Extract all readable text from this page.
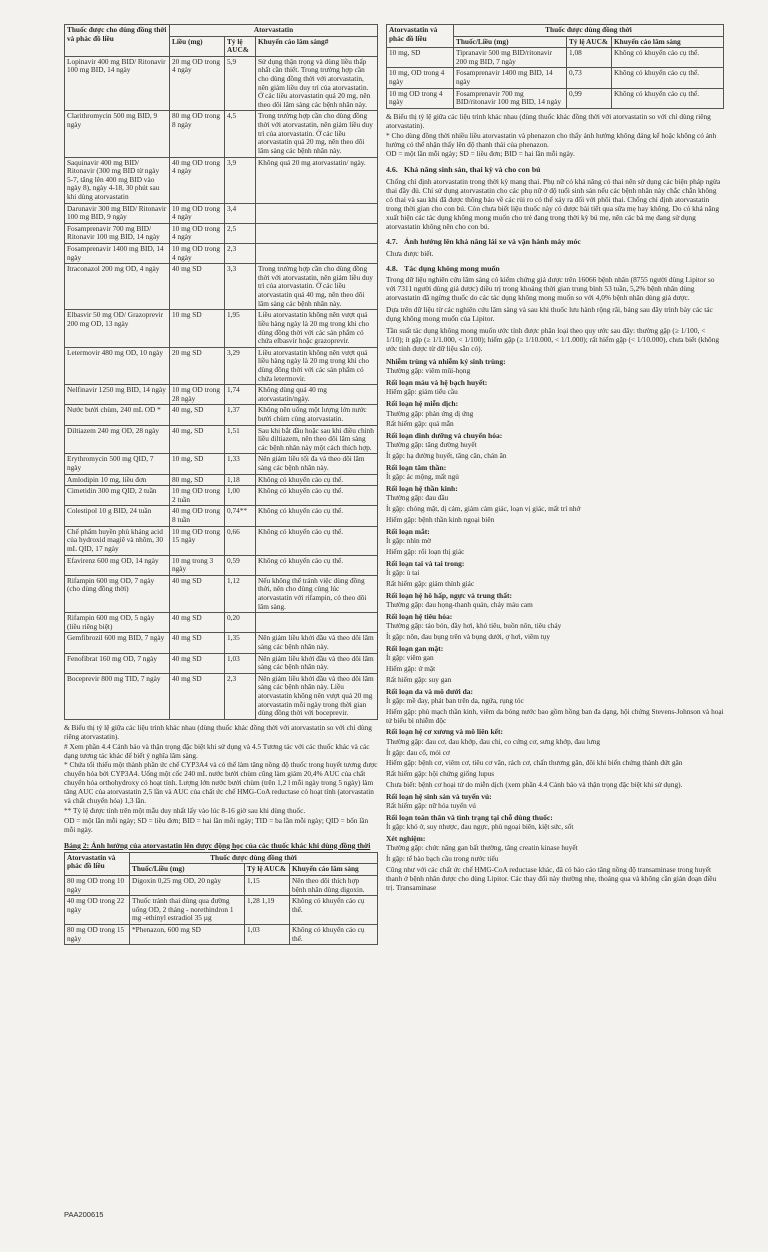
Thuốc được cho dùng đồng thời và phác đồ liều	Atorvastatin		
	Liều (mg)	Tỷ lệ AUC&	Khuyến cáo lâm sàng#
Lopinavir 400 mg BID/ Ritonavir 100 mg BID, 14 ngày	20 mg OD trong 4 ngày	5,9	Sử dụng thận trọng và dùng liều thấp nhất cần thiết. Trong trường hợp cần cho dùng đồng thời với atorvastatin, nên giảm liều duy trì của atorvastatin. Ở các liều atorvastatin quá 20 mg, nên theo dõi lâm sàng các bệnh nhân này.
Clarithromycin 500 mg BID, 9 ngày	80 mg OD trong 8 ngày	4,5	Trong trường hợp cần cho dùng đồng thời với atorvastatin, nên giảm liều duy trì của atorvastatin. Ở các liều atorvastatin quá 20 mg, nên theo dõi lâm sàng các bệnh nhân này.
Saquinavir 400 mg BID/ Ritonavir (300 mg BID từ ngày 5-7, tăng lên 400 mg BID vào ngày 8), ngày 4-18, 30 phút sau khi dùng atorvastatin	40 mg OD trong 4 ngày	3,9	Không quá 20 mg atorvastatin/ ngày.
Darunavir 300 mg BID/ Ritonavir 100 mg BID, 9 ngày	10 mg OD trong 4 ngày	3,4	
Fosamprenavir 700 mg BID/ Ritonavir 100 mg BID, 14 ngày	10 mg OD trong 4 ngày	2,5	
Fosamprenavir 1400 mg BID, 14 ngày	10 mg OD trong 4 ngày	2,3	
Itraconazol 200 mg OD, 4 ngày	40 mg SD	3,3	Trong trường hợp cần cho dùng đồng thời với atorvastatin, nên giảm liều duy trì của atorvastatin. Ở các liều atorvastatin quá 40 mg, nên theo dõi lâm sàng các bệnh nhân này.
Elbasvir 50 mg OD/ Grazoprevir 200 mg OD, 13 ngày	10 mg SD	1,95	Liều atorvastatin không nên vượt quá liều hàng ngày là 20 mg trong khi cho dùng đồng thời với các sản phẩm có chứa elbasvir hoặc grazoprevir.
Letermovir 480 mg OD, 10 ngày	20 mg SD	3,29	Liều atorvastatin không nên vượt quá liều hàng ngày là 20 mg trong khi cho dùng đồng thời với các sản phẩm có chứa letermovir.
Nelfinavir 1250 mg BID, 14 ngày	10 mg OD trong 28 ngày	1,74	Không dùng quá 40 mg atorvastatin/ngày.
Nước bưởi chùm, 240 mL OD *	40 mg, SD	1,37	Không nên uống một lượng lớn nước bưởi chùm cùng atorvastatin.
Diltiazem 240 mg OD, 28 ngày	40 mg, SD	1,51	Sau khi bắt đầu hoặc sau khi điều chỉnh liều diltiazem, nên theo dõi lâm sàng các bệnh nhân này một cách thích hợp.
Erythromycin 500 mg QID, 7 ngày	10 mg, SD	1,33	Nên giảm liều tối đa và theo dõi lâm sàng các bệnh nhân này.
Amlodipin 10 mg, liều đơn	80 mg, SD	1,18	Không có khuyến cáo cụ thể.
Cimetidin 300 mg QID, 2 tuần	10 mg OD trong 2 tuần	1,00	Không có khuyến cáo cụ thể.
Colestipol 10 g BID, 24 tuần	40 mg OD trong 8 tuần	0,74**	Không có khuyến cáo cụ thể.
Chế phẩm huyền phù kháng acid của hydroxid magiê và nhôm, 30 mL QID, 17 ngày	10 mg OD trong 15 ngày	0,66	Không có khuyến cáo cụ thể.
Efavirenz 600 mg OD, 14 ngày	10 mg trong 3 ngày	0,59	Không có khuyến cáo cụ thể.
Rifampin 600 mg OD, 7 ngày (cho dùng đồng thời)	40 mg SD	1,12	Nếu không thể tránh việc dùng đồng thời, nên cho dùng cùng lúc atorvastatin với rifampin, có theo dõi lâm sàng.
Rifampin 600 mg OD, 5 ngày (liều riêng biệt)	40 mg SD	0,20	
Gemfibrozil 600 mg BID, 7 ngày	40 mg SD	1,35	Nên giảm liều khởi đầu và theo dõi lâm sàng các bệnh nhân này.
Fenofibrat 160 mg OD, 7 ngày	40 mg SD	1,03	Nên giảm liều khởi đầu và theo dõi lâm sàng các bệnh nhân này.
Boceprevir 800 mg TID, 7 ngày	40 mg SD	2,3	Nên giảm liều khởi đầu và theo dõi lâm sàng các bệnh nhân này. Liều atorvastatin không nên vượt quá 20 mg atorvastatin mỗi ngày trong thời gian dùng đồng thời với boceprevir.

& Biểu thị tỷ lệ giữa các liệu trình khác nhau (dùng thuốc khác đồng thời với atorvastatin so với chỉ dùng riêng atorvastatin).

# Xem phần 4.4 Cảnh báo và thận trọng đặc biệt khi sử dụng và 4.5 Tương tác với các thuốc khác và các dạng tương tác khác để biết ý nghĩa lâm sàng.

* Chứa tối thiểu một thành phần ức chế CYP3A4 và có thể làm tăng nồng độ thuốc trong huyết tương được chuyển hóa bởi CYP3A4. Uống một cốc 240 mL nước bưởi chùm cũng làm giảm 20,4% AUC của chất chuyển hóa orthohydroxy có hoạt tính. Lượng lớn nước bưởi chùm (trên 1,2 l mỗi ngày trong 5 ngày) làm tăng AUC của atorvastatin 2,5 lần và AUC của chất ức chế HMG-CoA reductase có hoạt tính (atorvastatin và chất chuyển hóa) 1,3 lần.

** Tỷ lệ được tính trên một mẫu duy nhất lấy vào lúc 8-16 giờ sau khi dùng thuốc.

OD = một lần mỗi ngày; SD = liều đơn; BID = hai lần mỗi ngày; TID = ba lần mỗi ngày; QID = bốn lần mỗi ngày.

Bảng 2: Ảnh hưởng của atorvastatin lên dược động học của các thuốc khác khi dùng đồng thời
Atorvastatin và phác đồ liều	Thuốc được dùng đồng thời		
	Thuốc/Liều (mg)	Tỷ lệ AUC&	Khuyến cáo lâm sàng
80 mg OD trong 10 ngày	Digoxin 0,25 mg OD, 20 ngày	1,15	Nên theo dõi thích hợp bệnh nhân dùng digoxin.
40 mg OD trong 22 ngày	Thuốc tránh thai dùng qua đường uống OD, 2 tháng - norethindron 1 mg -ethinyl estradiol 35 µg	1,28 1,19	Không có khuyến cáo cụ thể.
80 mg OD trong 15 ngày	*Phenazon, 600 mg SD	1,03	Không có khuyến cáo cụ thể.
Atorvastatin và phác đồ liều	Thuốc được dùng đồng thời		
	Thuốc/Liều (mg)	Tỷ lệ AUC&	Khuyến cáo lâm sàng
10 mg, SD	Tipranavir 500 mg BID/ritonavir 200 mg BID, 7 ngày	1,08	Không có khuyến cáo cụ thể.
10 mg, OD trong 4 ngày	Fosamprenavir 1400 mg BID, 14 ngày	0,73	Không có khuyến cáo cụ thể.
10 mg OD trong 4 ngày	Fosamprenavir 700 mg BID/ritonavir 100 mg BID, 14 ngày	0,99	Không có khuyến cáo cụ thể.

& Biểu thị tỷ lệ giữa các liệu trình khác nhau (dùng thuốc khác đồng thời với atorvastatin so với chỉ dùng riêng atorvastatin).

* Cho dùng đồng thời nhiều liều atorvastatin và phenazon cho thấy ảnh hưởng không đáng kể hoặc không có ảnh hưởng có thể nhận thấy lên độ thanh thải của phenazon.

OD = một lần mỗi ngày; SD = liều đơn; BID = hai lần mỗi ngày.

4.6. Khả năng sinh sản, thai kỳ và cho con bú
Chống chỉ định atorvastatin trong thời kỳ mang thai. Phụ nữ có khả năng có thai nên sử dụng các biện pháp ngừa thai đầy đủ. Chỉ sử dụng atorvastatin cho các phụ nữ ở độ tuổi sinh sản nếu các bệnh nhân này chắc chắn không có thai và sau khi đã được thông báo về các rủi ro có thể xảy ra đối với phôi thai. Chống chỉ định atorvastatin trong thời gian cho con bú. Còn chưa biết liệu thuốc này có được bài tiết qua sữa mẹ hay không. Do có khả năng xuất hiện các tác dụng không mong muốn cho trẻ đang trong thời kỳ bú mẹ, nên các bà mẹ đang sử dụng atorvastatin không nên cho con bú.
4.7. Ảnh hưởng lên khả năng lái xe và vận hành máy móc
Chưa được biết.
4.8. Tác dụng không mong muốn
Trong dữ liệu nghiên cứu lâm sàng có kiểm chứng giả dược trên 16066 bệnh nhân (8755 người dùng Lipitor so với 7311 người dùng giả dược) điều trị trong khoảng thời gian trung bình 53 tuần, 5,2% bệnh nhân dùng atorvastatin đã ngừng thuốc do các tác dụng không mong muốn so với 4,0% bệnh nhân dùng giả dược.
Dựa trên dữ liệu từ các nghiên cứu lâm sàng và sau khi thuốc lưu hành rộng rãi, bảng sau đây trình bày các tác dụng không mong muốn của Lipitor.
Tần suất tác dụng không mong muốn ước tính được phân loại theo quy ước sau đây: thường gặp (≥ 1/100, < 1/10); ít gặp (≥ 1/1.000, < 1/100); hiếm gặp (≥ 1/10.000, < 1/1.000); rất hiếm gặp (< 1/10.000), chưa biết (không ước tính được từ dữ liệu sẵn có).
Nhiễm trùng và nhiễm ký sinh trùng:
Thường gặp: viêm mũi-họng
Rối loạn máu và hệ bạch huyết:
Hiếm gặp: giảm tiểu cầu
Rối loạn hệ miễn dịch:
Thường gặp: phản ứng dị ứng
Rất hiếm gặp: quá mẫn
Rối loạn dinh dưỡng và chuyển hóa:
Thường gặp: tăng đường huyết
Ít gặp: hạ đường huyết, tăng cân, chán ăn
Rối loạn tâm thần:
Ít gặp: ác mộng, mất ngủ
Rối loạn hệ thần kinh:
Thường gặp: đau đầu
Ít gặp: chóng mặt, dị cảm, giảm cảm giác, loạn vị giác, mất trí nhớ
Hiếm gặp: bệnh thần kinh ngoại biên
Rối loạn mắt:
Ít gặp: nhìn mờ
Hiếm gặp: rối loạn thị giác
Rối loạn tai và tai trong:
Ít gặp: ù tai
Rất hiếm gặp: giảm thính giác
Rối loạn hệ hô hấp, ngực và trung thất:
Thường gặp: đau họng-thanh quản, chảy máu cam
Rối loạn hệ tiêu hóa:
Thường gặp: táo bón, đầy hơi, khó tiêu, buồn nôn, tiêu chảy
Ít gặp: nôn, đau bụng trên và bụng dưới, ợ hơi, viêm tụy
Rối loạn gan mật:
Ít gặp: viêm gan
Hiếm gặp: ứ mật
Rất hiếm gặp: suy gan
Rối loạn da và mô dưới da:
Ít gặp: mề đay, phát ban trên da, ngứa, rụng tóc
Hiếm gặp: phù mạch thần kinh, viêm da bóng nước bao gồm hồng ban đa dạng, hội chứng Stevens-Johnson và hoại tử biểu bì nhiễm độc
Rối loạn hệ cơ xương và mô liên kết:
Thường gặp: đau cơ, đau khớp, đau chi, co cứng cơ, sưng khớp, đau lưng
Ít gặp: đau cổ, mỏi cơ
Hiếm gặp: bệnh cơ, viêm cơ, tiêu cơ vân, rách cơ, chấn thương gân, đôi khi biến chứng thành đứt gân
Rất hiếm gặp: hội chứng giống lupus
Chưa biết: bệnh cơ hoại tử do miễn dịch (xem phần 4.4 Cảnh báo và thận trọng đặc biệt khi sử dụng).
Rối loạn hệ sinh sản và tuyến vú:
Rất hiếm gặp: nữ hóa tuyến vú
Rối loạn toàn thân và tình trạng tại chỗ dùng thuốc:
Ít gặp: khó ở, suy nhược, đau ngực, phù ngoại biên, kiệt sức, sốt
Xét nghiệm:
Thường gặp: chức năng gan bất thường, tăng creatin kinase huyết
Ít gặp: tế bào bạch cầu trong nước tiểu
Cũng như với các chất ức chế HMG-CoA reductase khác, đã có báo cáo tăng nồng độ transaminase trong huyết thanh ở bệnh nhân được cho dùng Lipitor. Các thay đổi này thường nhẹ, thoáng qua và không cần gián đoạn điều trị. Transaminase
PAA200615
